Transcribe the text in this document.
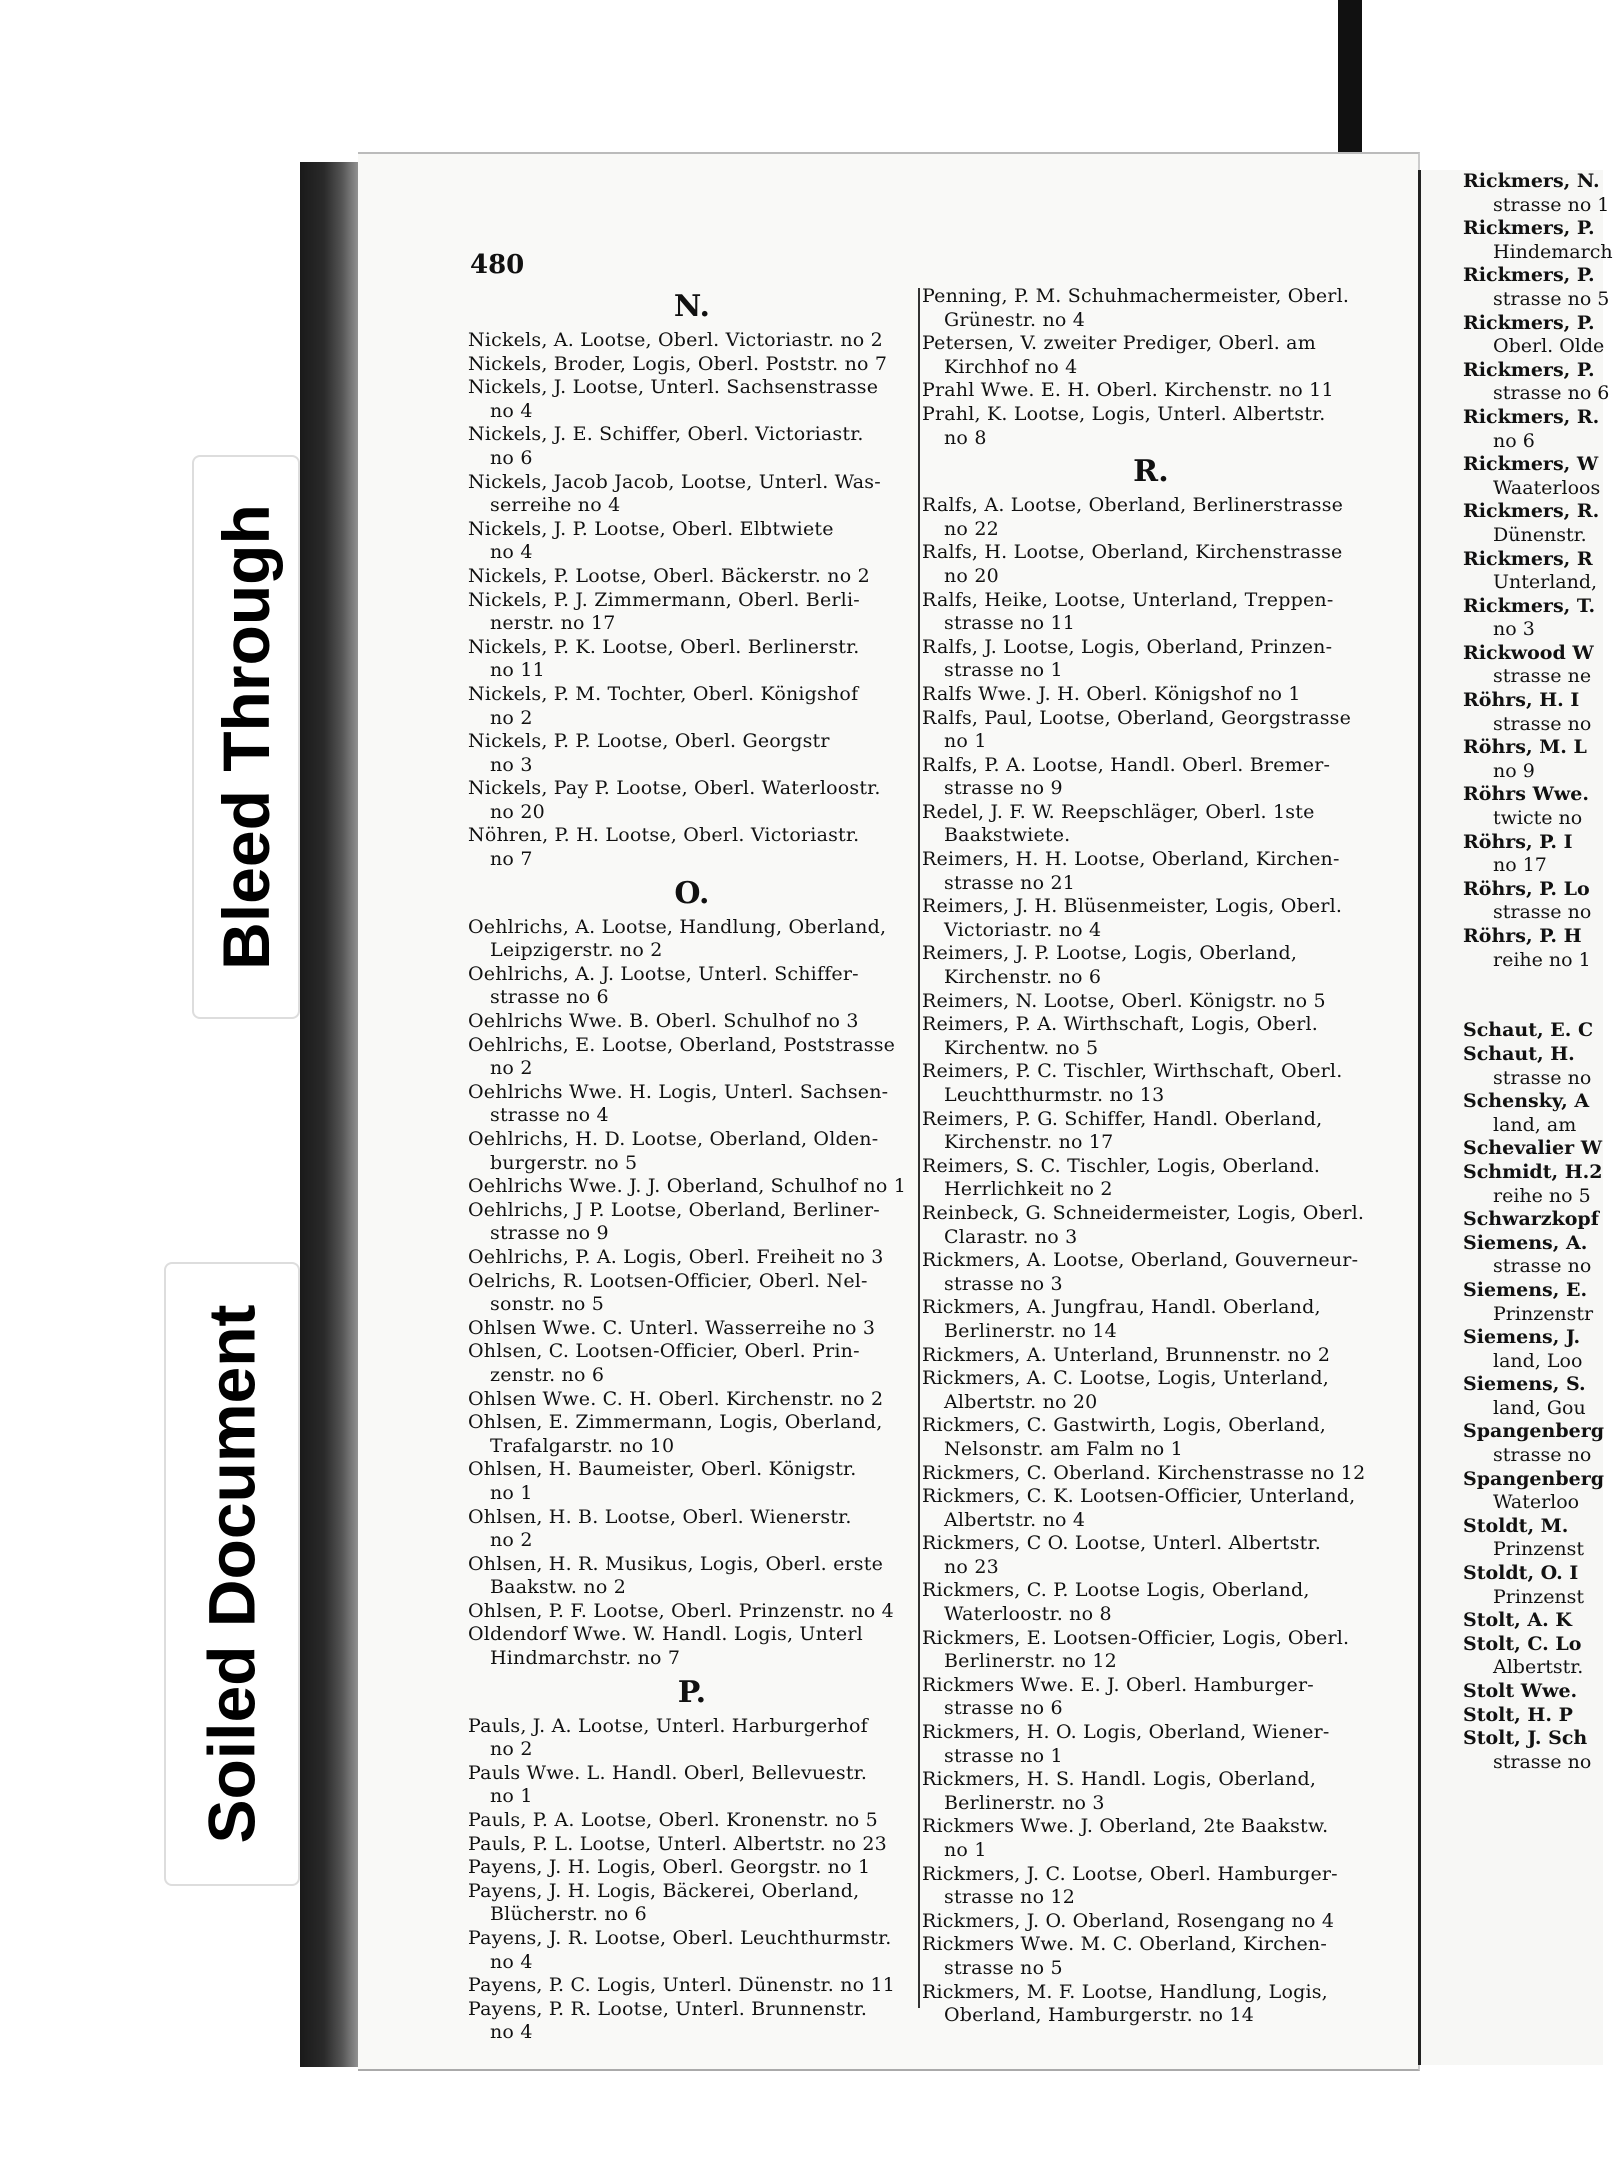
Bleed Through
Soiled Document
480
N.
Nickels, A. Lootse, Oberl. Victoriastr. no 2
Nickels, Broder, Logis, Oberl. Poststr. no 7
Nickels, J. Lootse, Unterl. Sachsenstrasse
no 4
Nickels, J. E. Schiffer, Oberl. Victoriastr.
no 6
Nickels, Jacob Jacob, Lootse, Unterl. Was-
serreihe no 4
Nickels, J. P. Lootse, Oberl. Elbtwiete
no 4
Nickels, P. Lootse, Oberl. Bäckerstr. no 2
Nickels, P. J. Zimmermann, Oberl. Berli-
nerstr. no 17
Nickels, P. K. Lootse, Oberl. Berlinerstr.
no 11
Nickels, P. M. Tochter, Oberl. Königshof
no 2
Nickels, P. P. Lootse, Oberl. Georgstr
no 3
Nickels, Pay P. Lootse, Oberl. Waterloostr.
no 20
Nöhren, P. H. Lootse, Oberl. Victoriastr.
no 7
O.
Oehlrichs, A. Lootse, Handlung, Oberland,
Leipzigerstr. no 2
Oehlrichs, A. J. Lootse, Unterl. Schiffer-
strasse no 6
Oehlrichs Wwe. B. Oberl. Schulhof no 3
Oehlrichs, E. Lootse, Oberland, Poststrasse
no 2
Oehlrichs Wwe. H. Logis, Unterl. Sachsen-
strasse no 4
Oehlrichs, H. D. Lootse, Oberland, Olden-
burgerstr. no 5
Oehlrichs Wwe. J. J. Oberland, Schulhof no 1
Oehlrichs, J P. Lootse, Oberland, Berliner-
strasse no 9
Oehlrichs, P. A. Logis, Oberl. Freiheit no 3
Oelrichs, R. Lootsen-Officier, Oberl. Nel-
sonstr. no 5
Ohlsen Wwe. C. Unterl. Wasserreihe no 3
Ohlsen, C. Lootsen-Officier, Oberl. Prin-
zenstr. no 6
Ohlsen Wwe. C. H. Oberl. Kirchenstr. no 2
Ohlsen, E. Zimmermann, Logis, Oberland,
Trafalgarstr. no 10
Ohlsen, H. Baumeister, Oberl. Königstr.
no 1
Ohlsen, H. B. Lootse, Oberl. Wienerstr.
no 2
Ohlsen, H. R. Musikus, Logis, Oberl. erste
Baakstw. no 2
Ohlsen, P. F. Lootse, Oberl. Prinzenstr. no 4
Oldendorf Wwe. W. Handl. Logis, Unterl
Hindmarchstr. no 7
P.
Pauls, J. A. Lootse, Unterl. Harburgerhof
no 2
Pauls Wwe. L. Handl. Oberl, Bellevuestr.
no 1
Pauls, P. A. Lootse, Oberl. Kronenstr. no 5
Pauls, P. L. Lootse, Unterl. Albertstr. no 23
Payens, J. H. Logis, Oberl. Georgstr. no 1
Payens, J. H. Logis, Bäckerei, Oberland,
Blücherstr. no 6
Payens, J. R. Lootse, Oberl. Leuchthurmstr.
no 4
Payens, P. C. Logis, Unterl. Dünenstr. no 11
Payens, P. R. Lootse, Unterl. Brunnenstr.
no 4
Penning, P. M. Schuhmachermeister, Oberl.
Grünestr. no 4
Petersen, V. zweiter Prediger, Oberl. am
Kirchhof no 4
Prahl Wwe. E. H. Oberl. Kirchenstr. no 11
Prahl, K. Lootse, Logis, Unterl. Albertstr.
no 8
R.
Ralfs, A. Lootse, Oberland, Berlinerstrasse
no 22
Ralfs, H. Lootse, Oberland, Kirchenstrasse
no 20
Ralfs, Heike, Lootse, Unterland, Treppen-
strasse no 11
Ralfs, J. Lootse, Logis, Oberland, Prinzen-
strasse no 1
Ralfs Wwe. J. H. Oberl. Königshof no 1
Ralfs, Paul, Lootse, Oberland, Georgstrasse
no 1
Ralfs, P. A. Lootse, Handl. Oberl. Bremer-
strasse no 9
Redel, J. F. W. Reepschläger, Oberl. 1ste
Baakstwiete.
Reimers, H. H. Lootse, Oberland, Kirchen-
strasse no 21
Reimers, J. H. Blüsenmeister, Logis, Oberl.
Victoriastr. no 4
Reimers, J. P. Lootse, Logis, Oberland,
Kirchenstr. no 6
Reimers, N. Lootse, Oberl. Königstr. no 5
Reimers, P. A. Wirthschaft, Logis, Oberl.
Kirchentw. no 5
Reimers, P. C. Tischler, Wirthschaft, Oberl.
Leuchtthurmstr. no 13
Reimers, P. G. Schiffer, Handl. Oberland,
Kirchenstr. no 17
Reimers, S. C. Tischler, Logis, Oberland.
Herrlichkeit no 2
Reinbeck, G. Schneidermeister, Logis, Oberl.
Clarastr. no 3
Rickmers, A. Lootse, Oberland, Gouverneur-
strasse no 3
Rickmers, A. Jungfrau, Handl. Oberland,
Berlinerstr. no 14
Rickmers, A. Unterland, Brunnenstr. no 2
Rickmers, A. C. Lootse, Logis, Unterland,
Albertstr. no 20
Rickmers, C. Gastwirth, Logis, Oberland,
Nelsonstr. am Falm no 1
Rickmers, C. Oberland. Kirchenstrasse no 12
Rickmers, C. K. Lootsen-Officier, Unterland,
Albertstr. no 4
Rickmers, C O. Lootse, Unterl. Albertstr.
no 23
Rickmers, C. P. Lootse Logis, Oberland,
Waterloostr. no 8
Rickmers, E. Lootsen-Officier, Logis, Oberl.
Berlinerstr. no 12
Rickmers Wwe. E. J. Oberl. Hamburger-
strasse no 6
Rickmers, H. O. Logis, Oberland, Wiener-
strasse no 1
Rickmers, H. S. Handl. Logis, Oberland,
Berlinerstr. no 3
Rickmers Wwe. J. Oberland, 2te Baakstw.
no 1
Rickmers, J. C. Lootse, Oberl. Hamburger-
strasse no 12
Rickmers, J. O. Oberland, Rosengang no 4
Rickmers Wwe. M. C. Oberland, Kirchen-
strasse no 5
Rickmers, M. F. Lootse, Handlung, Logis,
Oberland, Hamburgerstr. no 14
Rickmers, N.
strasse no 1
Rickmers, P.
Hindemarch
Rickmers, P.
strasse no 5
Rickmers, P.
Oberl. Olde
Rickmers, P.
strasse no 6
Rickmers, R.
no 6
Rickmers, W
Waaterloos
Rickmers, R.
Dünenstr.
Rickmers, R
Unterland,
Rickmers, T.
no 3
Rickwood W
strasse ne
Röhrs, H. I
strasse no
Röhrs, M. L
no 9
Röhrs Wwe.
twicte no
Röhrs, P. I
no 17
Röhrs, P. Lo
strasse no
Röhrs, P. H
reihe no 1

Schaut, E. C
Schaut, H.
strasse no
Schensky, A
land, am
Schevalier W
Schmidt, H.2
reihe no 5
Schwarzkopf
Siemens, A.
strasse no
Siemens, E.
Prinzenstr
Siemens, J.
land, Loo
Siemens, S.
land, Gou
Spangenberg
strasse no
Spangenberg
Waterloo
Stoldt, M.
Prinzenst
Stoldt, O. I
Prinzenst
Stolt, A. K
Stolt, C. Lo
Albertstr.
Stolt Wwe.
Stolt, H. P
Stolt, J. Sch
strasse no
